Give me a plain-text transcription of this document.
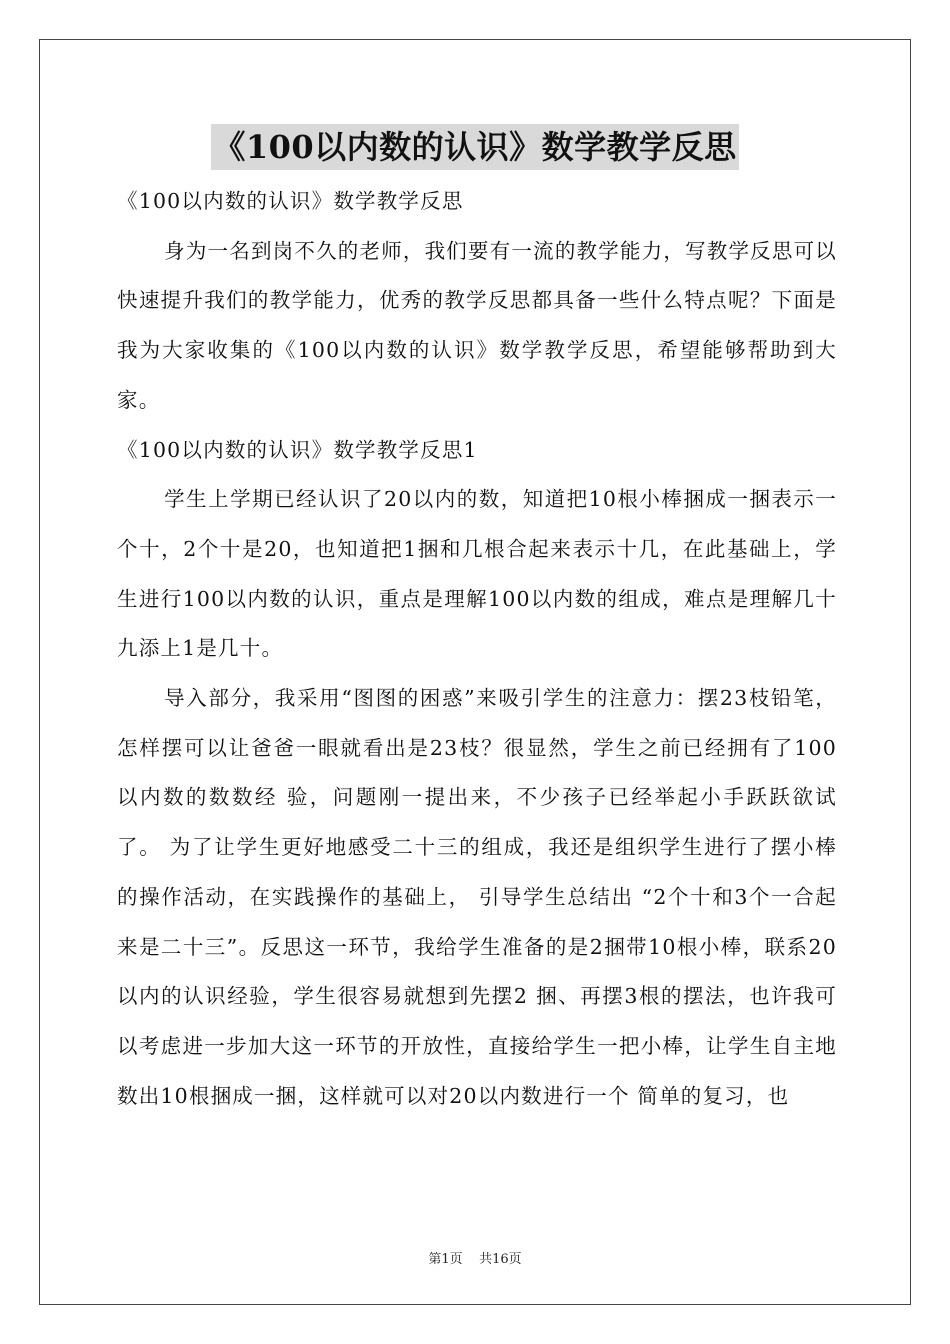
《100以内数的认识》数学教学反思

《100以内数的认识》数学教学反思

身为一名到岗不久的老师，我们要有一流的教学能力，写教学反思可以快速提升我们的教学能力，优秀的教学反思都具备一些什么特点呢？下面是我为大家收集的《100以内数的认识》数学教学反思，希望能够帮助到大家。

《100以内数的认识》数学教学反思1

学生上学期已经认识了20以内的数，知道把10根小棒捆成一捆表示一个十，2个十是20，也知道把1捆和几根合起来表示十几，在此基础上，学生进行100以内数的认识，重点是理解100以内数的组成，难点是理解几十九添上1是几十。

导入部分，我采用“图图的困惑”来吸引学生的注意力：摆23枝铅笔，怎样摆可以让爸爸一眼就看出是23枝？很显然，学生之前已经拥有了100以内数的数数经 验，问题刚一提出来，不少孩子已经举起小手跃跃欲试了。 为了让学生更好地感受二十三的组成，我还是组织学生进行了摆小棒的操作活动，在实践操作的基础上， 引导学生总结出 “2个十和3个一合起来是二十三”。反思这一环节，我给学生准备的是2捆带10根小棒，联系20以内的认识经验，学生很容易就想到先摆2 捆、再摆3根的摆法，也许我可以考虑进一步加大这一环节的开放性，直接给学生一把小棒，让学生自主地数出10根捆成一捆，这样就可以对20以内数进行一个 简单的复习，也

第1页 共16页
